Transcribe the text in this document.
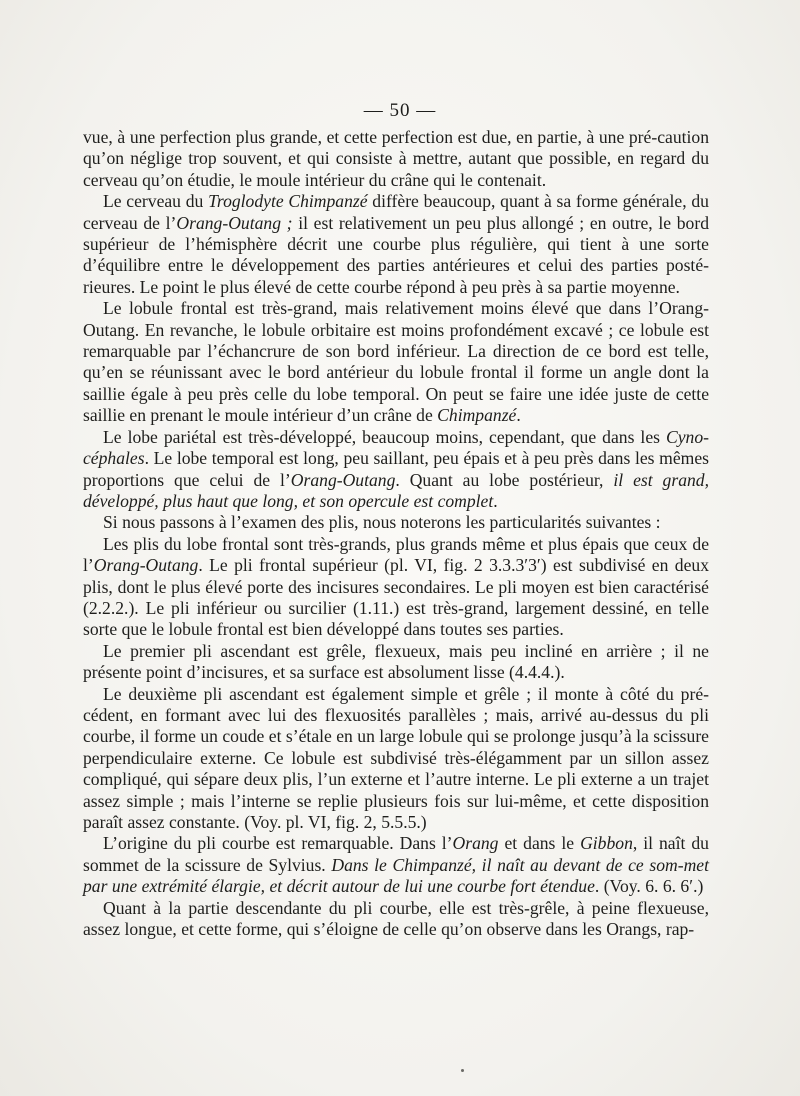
— 50 —

vue, à une perfection plus grande, et cette perfection est due, en partie, à une pré-caution qu’on néglige trop souvent, et qui consiste à mettre, autant que possible, en regard du cerveau qu’on étudie, le moule intérieur du crâne qui le contenait.

Le cerveau du Troglodyte Chimpanzé diffère beaucoup, quant à sa forme générale, du cerveau de l’Orang-Outang ; il est relativement un peu plus allongé ; en outre, le bord supérieur de l’hémisphère décrit une courbe plus régulière, qui tient à une sorte d’équilibre entre le développement des parties antérieures et celui des parties posté-rieures. Le point le plus élevé de cette courbe répond à peu près à sa partie moyenne.

Le lobule frontal est très-grand, mais relativement moins élevé que dans l’Orang-Outang. En revanche, le lobule orbitaire est moins profondément excavé ; ce lobule est remarquable par l’échancrure de son bord inférieur. La direction de ce bord est telle, qu’en se réunissant avec le bord antérieur du lobule frontal il forme un angle dont la saillie égale à peu près celle du lobe temporal. On peut se faire une idée juste de cette saillie en prenant le moule intérieur d’un crâne de Chimpanzé.

Le lobe pariétal est très-développé, beaucoup moins, cependant, que dans les Cyno-céphales. Le lobe temporal est long, peu saillant, peu épais et à peu près dans les mêmes proportions que celui de l’Orang-Outang. Quant au lobe postérieur, il est grand, développé, plus haut que long, et son opercule est complet.

Si nous passons à l’examen des plis, nous noterons les particularités suivantes :

Les plis du lobe frontal sont très-grands, plus grands même et plus épais que ceux de l’Orang-Outang. Le pli frontal supérieur (pl. VI, fig. 2 3.3.3′3′) est subdivisé en deux plis, dont le plus élevé porte des incisures secondaires. Le pli moyen est bien caractérisé (2.2.2.). Le pli inférieur ou surcilier (1.11.) est très-grand, largement dessiné, en telle sorte que le lobule frontal est bien développé dans toutes ses parties.

Le premier pli ascendant est grêle, flexueux, mais peu incliné en arrière ; il ne présente point d’incisures, et sa surface est absolument lisse (4.4.4.).

Le deuxième pli ascendant est également simple et grêle ; il monte à côté du pré-cédent, en formant avec lui des flexuosités parallèles ; mais, arrivé au-dessus du pli courbe, il forme un coude et s’étale en un large lobule qui se prolonge jusqu’à la scissure perpendiculaire externe. Ce lobule est subdivisé très-élégamment par un sillon assez compliqué, qui sépare deux plis, l’un externe et l’autre interne. Le pli externe a un trajet assez simple ; mais l’interne se replie plusieurs fois sur lui-même, et cette disposition paraît assez constante. (Voy. pl. VI, fig. 2, 5.5.5.)

L’origine du pli courbe est remarquable. Dans l’Orang et dans le Gibbon, il naît du sommet de la scissure de Sylvius. Dans le Chimpanzé, il naît au devant de ce som-met par une extrémité élargie, et décrit autour de lui une courbe fort étendue. (Voy. 6. 6. 6′.)

Quant à la partie descendante du pli courbe, elle est très-grêle, à peine flexueuse, assez longue, et cette forme, qui s’éloigne de celle qu’on observe dans les Orangs, rap-
